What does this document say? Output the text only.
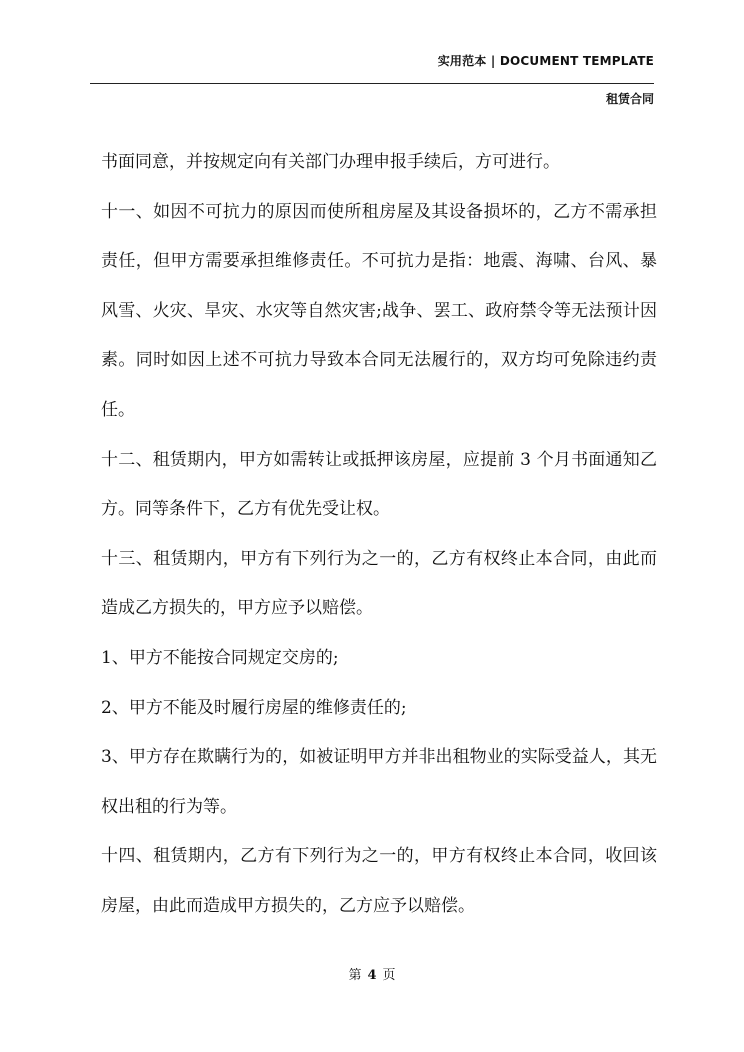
实用范本 | DOCUMENT TEMPLATE
租赁合同

书面同意，并按规定向有关部门办理申报手续后，方可进行。

十一、如因不可抗力的原因而使所租房屋及其设备损坏的，乙方不需承担责任，但甲方需要承担维修责任。不可抗力是指：地震、海啸、台风、暴风雪、火灾、旱灾、水灾等自然灾害;战争、罢工、政府禁令等无法预计因素。同时如因上述不可抗力导致本合同无法履行的，双方均可免除违约责任。

十二、租赁期内，甲方如需转让或抵押该房屋，应提前 3 个月书面通知乙方。同等条件下，乙方有优先受让权。

十三、租赁期内，甲方有下列行为之一的，乙方有权终止本合同，由此而造成乙方损失的，甲方应予以赔偿。

1、甲方不能按合同规定交房的;

2、甲方不能及时履行房屋的维修责任的;

3、甲方存在欺瞒行为的，如被证明甲方并非出租物业的实际受益人，其无权出租的行为等。

十四、租赁期内，乙方有下列行为之一的，甲方有权终止本合同，收回该房屋，由此而造成甲方损失的，乙方应予以赔偿。

第 4 页
